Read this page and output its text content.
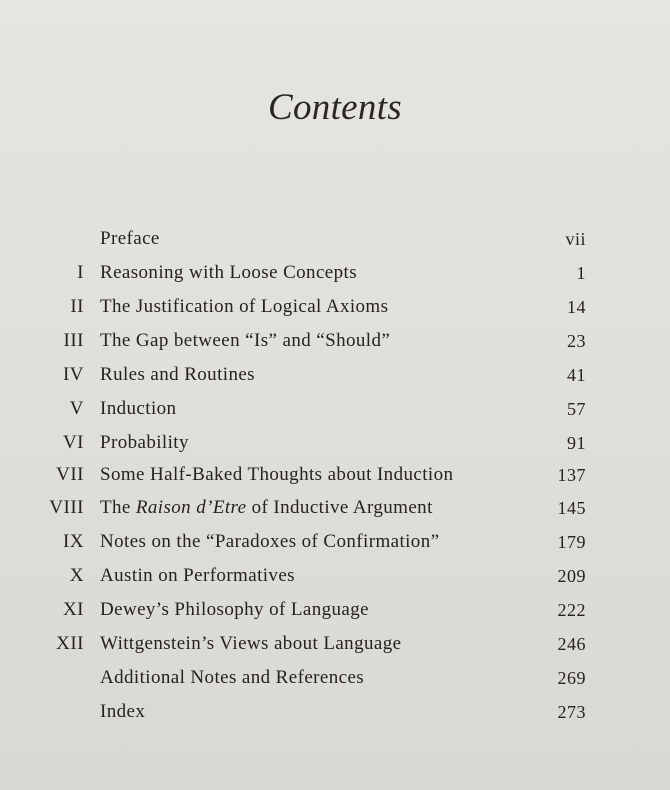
Contents
Preface	vii
I Reasoning with Loose Concepts	1
II The Justification of Logical Axioms	14
III The Gap between “Is” and “Should”	23
IV Rules and Routines	41
V Induction	57
VI Probability	91
VII Some Half-Baked Thoughts about Induction	137
VIII The Raison d’Etre of Inductive Argument	145
IX Notes on the “Paradoxes of Confirmation”	179
X Austin on Performatives	209
XI Dewey’s Philosophy of Language	222
XII Wittgenstein’s Views about Language	246
Additional Notes and References	269
Index	273
